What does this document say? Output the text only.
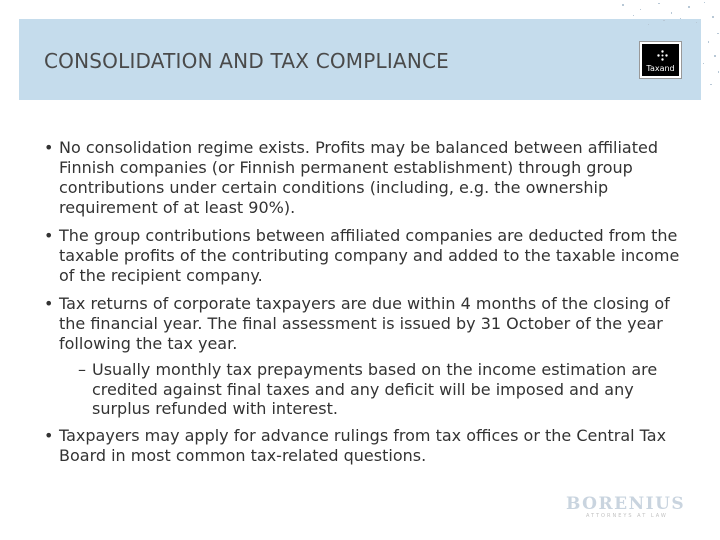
CONSOLIDATION AND TAX COMPLIANCE	Taxand
• No consolidation regime exists. Profits may be balanced between affiliated Finnish companies (or Finnish permanent establishment) through group contributions under certain conditions (including, e.g. the ownership requirement of at least 90%).
• The group contributions between affiliated companies are deducted from the taxable profits of the contributing company and added to the taxable income of the recipient company.
• Tax returns of corporate taxpayers are due within 4 months of the closing of the financial year. The final assessment is issued by 31 October of the year following the tax year.
– Usually monthly tax prepayments based on the income estimation are credited against final taxes and any deficit will be imposed and any surplus refunded with interest.
• Taxpayers may apply for advance rulings from tax offices or the Central Tax Board in most common tax-related questions.
BORENIUS
ATTORNEYS AT LAW
